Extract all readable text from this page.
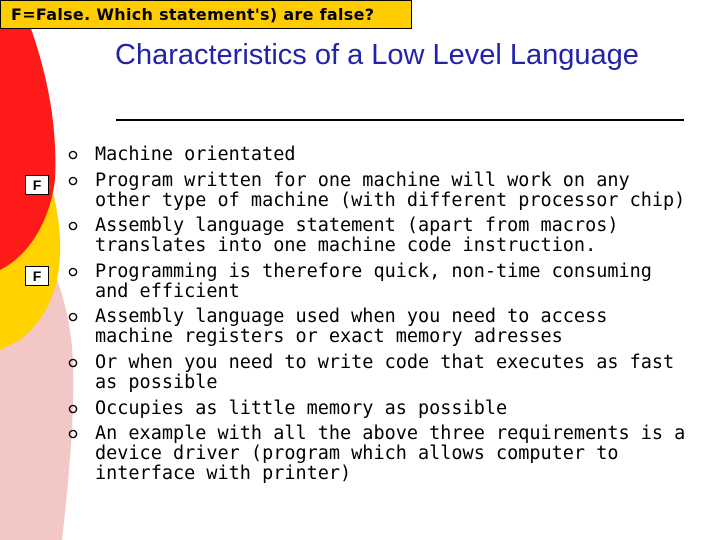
F=False. Which statement's) are false?
Characteristics of a Low Level Language
F
F
Machine orientated
Program written for one machine will work on any other type of machine (with different processor chip)
Assembly language statement (apart from macros) translates into one machine code instruction.
Programming is therefore quick, non-time consuming and efficient
Assembly language used when you need to access machine registers or exact memory adresses
Or when you need to write code that executes as fast as possible
Occupies as little memory as possible
An example with all the above three requirements is a device driver (program which allows computer to interface with printer)
